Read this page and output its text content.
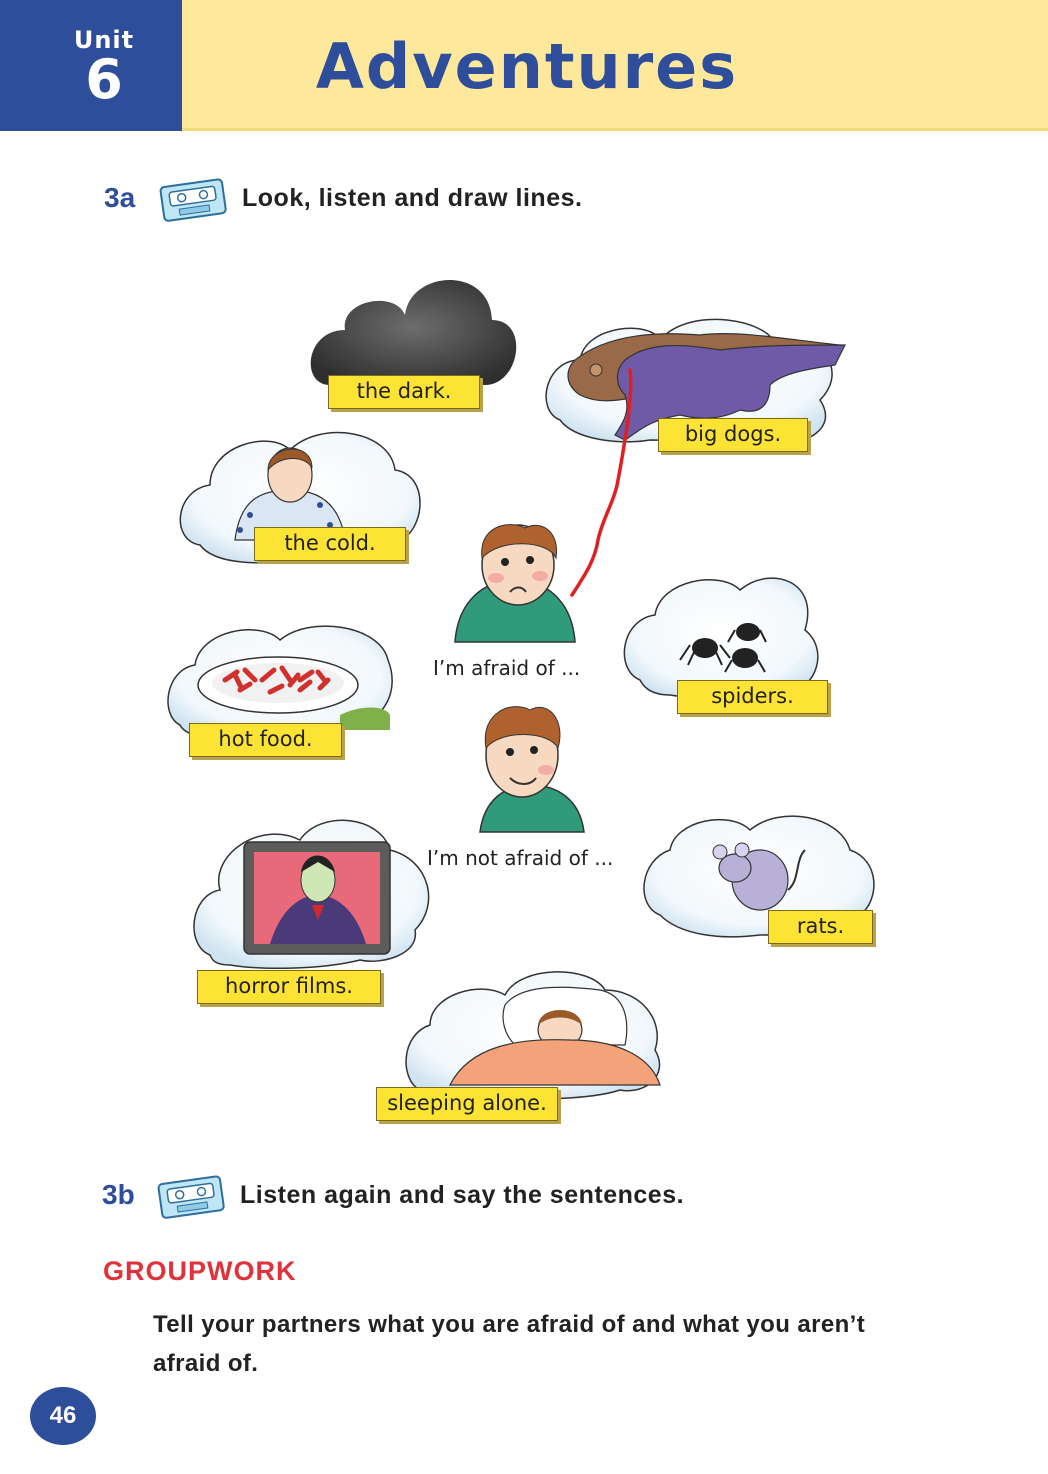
Unit
6	Adventures
3a	Look, listen and draw lines.
the dark.
big dogs.
the cold.
spiders.
hot food.
rats.
horror films.
sleeping alone.
I’m afraid of ...
I’m not afraid of ...
3b	Listen again and say the sentences.
GROUPWORK
Tell your partners what you are afraid of and what you aren’t
afraid of.
46
